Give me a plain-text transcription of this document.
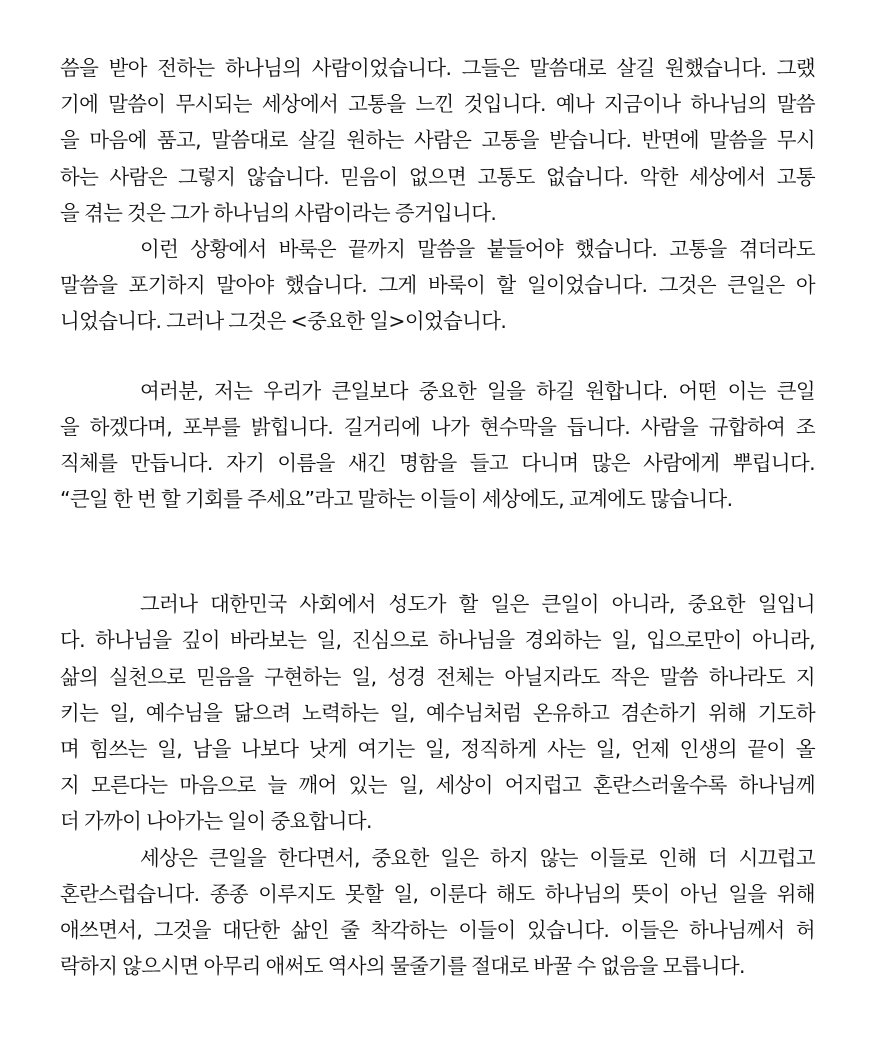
씀을 받아 전하는 하나님의 사람이었습니다. 그들은 말씀대로 살길 원했습니다. 그랬
기에 말씀이 무시되는 세상에서 고통을 느낀 것입니다. 예나 지금이나 하나님의 말씀
을 마음에 품고, 말씀대로 살길 원하는 사람은 고통을 받습니다. 반면에 말씀을 무시
하는 사람은 그렇지 않습니다. 믿음이 없으면 고통도 없습니다. 악한 세상에서 고통
을 겪는 것은 그가 하나님의 사람이라는 증거입니다.
이런 상황에서 바룩은 끝까지 말씀을 붙들어야 했습니다. 고통을 겪더라도
말씀을 포기하지 말아야 했습니다. 그게 바룩이 할 일이었습니다. 그것은 큰일은 아
니었습니다. 그러나 그것은 <중요한 일>이었습니다.
여러분, 저는 우리가 큰일보다 중요한 일을 하길 원합니다. 어떤 이는 큰일
을 하겠다며, 포부를 밝힙니다. 길거리에 나가 현수막을 듭니다. 사람을 규합하여 조
직체를 만듭니다. 자기 이름을 새긴 명함을 들고 다니며 많은 사람에게 뿌립니다.
“큰일 한 번 할 기회를 주세요”라고 말하는 이들이 세상에도, 교계에도 많습니다.
그러나 대한민국 사회에서 성도가 할 일은 큰일이 아니라, 중요한 일입니
다. 하나님을 깊이 바라보는 일, 진심으로 하나님을 경외하는 일, 입으로만이 아니라,
삶의 실천으로 믿음을 구현하는 일, 성경 전체는 아닐지라도 작은 말씀 하나라도 지
키는 일, 예수님을 닮으려 노력하는 일, 예수님처럼 온유하고 겸손하기 위해 기도하
며 힘쓰는 일, 남을 나보다 낫게 여기는 일, 정직하게 사는 일, 언제 인생의 끝이 올
지 모른다는 마음으로 늘 깨어 있는 일, 세상이 어지럽고 혼란스러울수록 하나님께
더 가까이 나아가는 일이 중요합니다.
세상은 큰일을 한다면서, 중요한 일은 하지 않는 이들로 인해 더 시끄럽고
혼란스럽습니다. 종종 이루지도 못할 일, 이룬다 해도 하나님의 뜻이 아닌 일을 위해
애쓰면서, 그것을 대단한 삶인 줄 착각하는 이들이 있습니다. 이들은 하나님께서 허
락하지 않으시면 아무리 애써도 역사의 물줄기를 절대로 바꿀 수 없음을 모릅니다.
